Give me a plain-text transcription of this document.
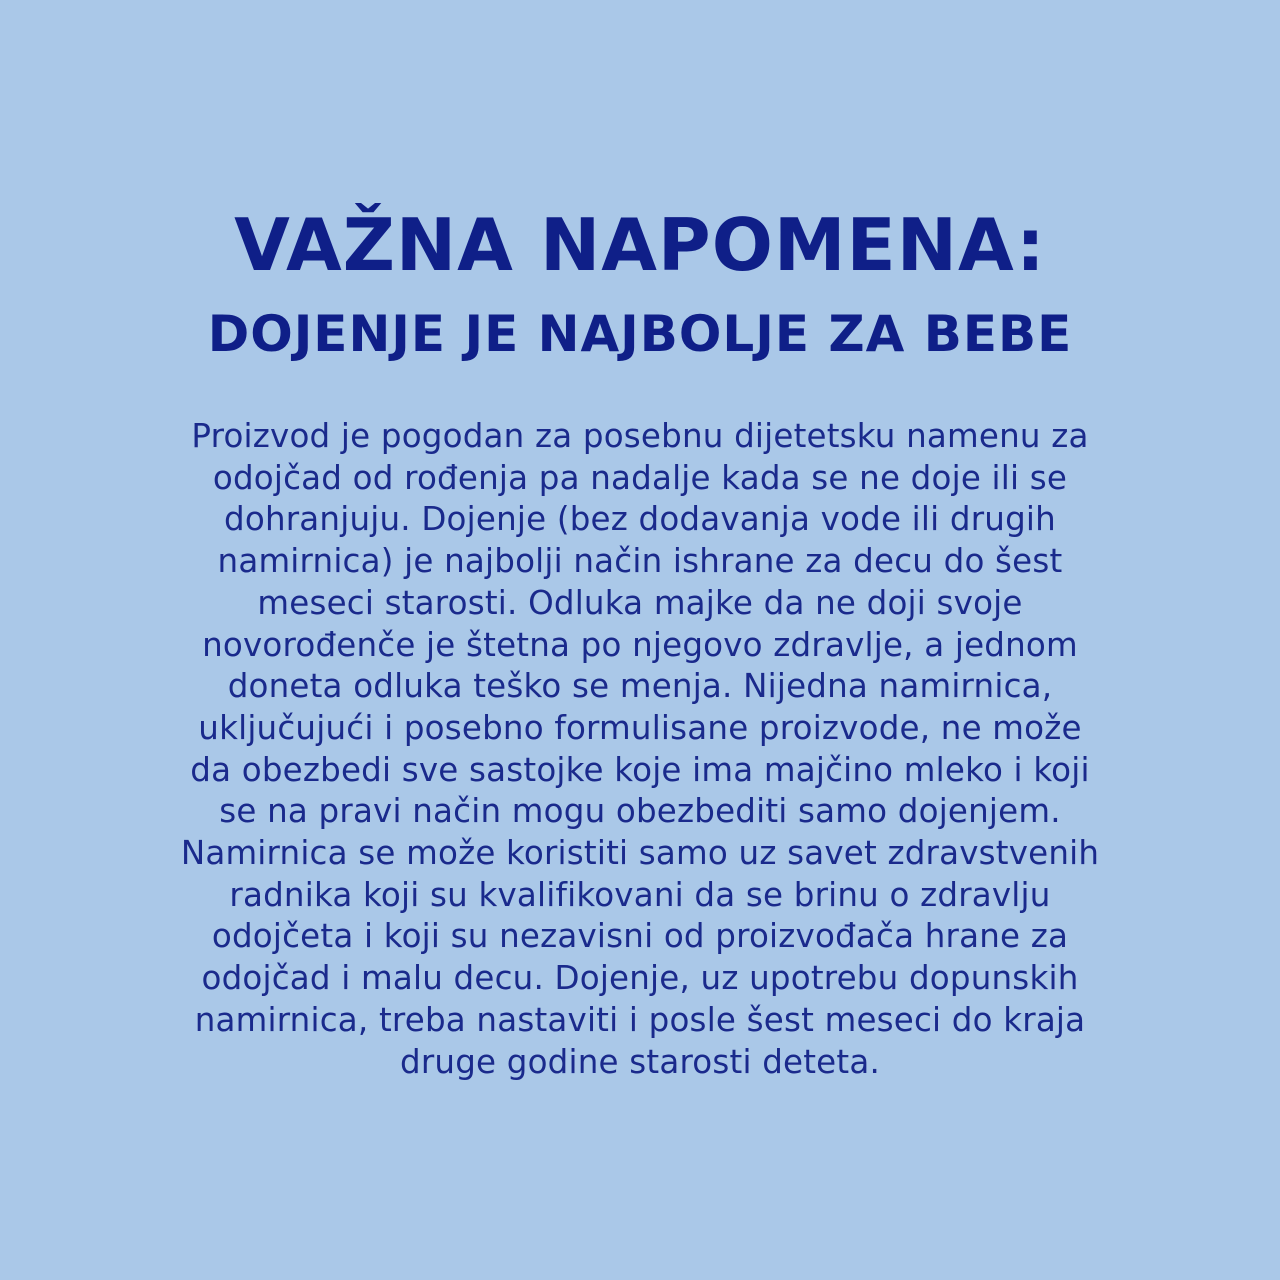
VAŽNA NAPOMENA:
DOJENJE JE NAJBOLJE ZA BEBE
Proizvod je pogodan za posebnu dijetetsku namenu za
odojčad od rođenja pa nadalje kada se ne doje ili se
dohranjuju. Dojenje (bez dodavanja vode ili drugih
namirnica) je najbolji način ishrane za decu do šest
meseci starosti. Odluka majke da ne doji svoje
novorođenče je štetna po njegovo zdravlje, a jednom
doneta odluka teško se menja. Nijedna namirnica,
uključujući i posebno formulisane proizvode, ne može
da obezbedi sve sastojke koje ima majčino mleko i koji
se na pravi način mogu obezbediti samo dojenjem.
Namirnica se može koristiti samo uz savet zdravstvenih
radnika koji su kvalifikovani da se brinu o zdravlju
odojčeta i koji su nezavisni od proizvođača hrane za
odojčad i malu decu. Dojenje, uz upotrebu dopunskih
namirnica, treba nastaviti i posle šest meseci do kraja
druge godine starosti deteta.
